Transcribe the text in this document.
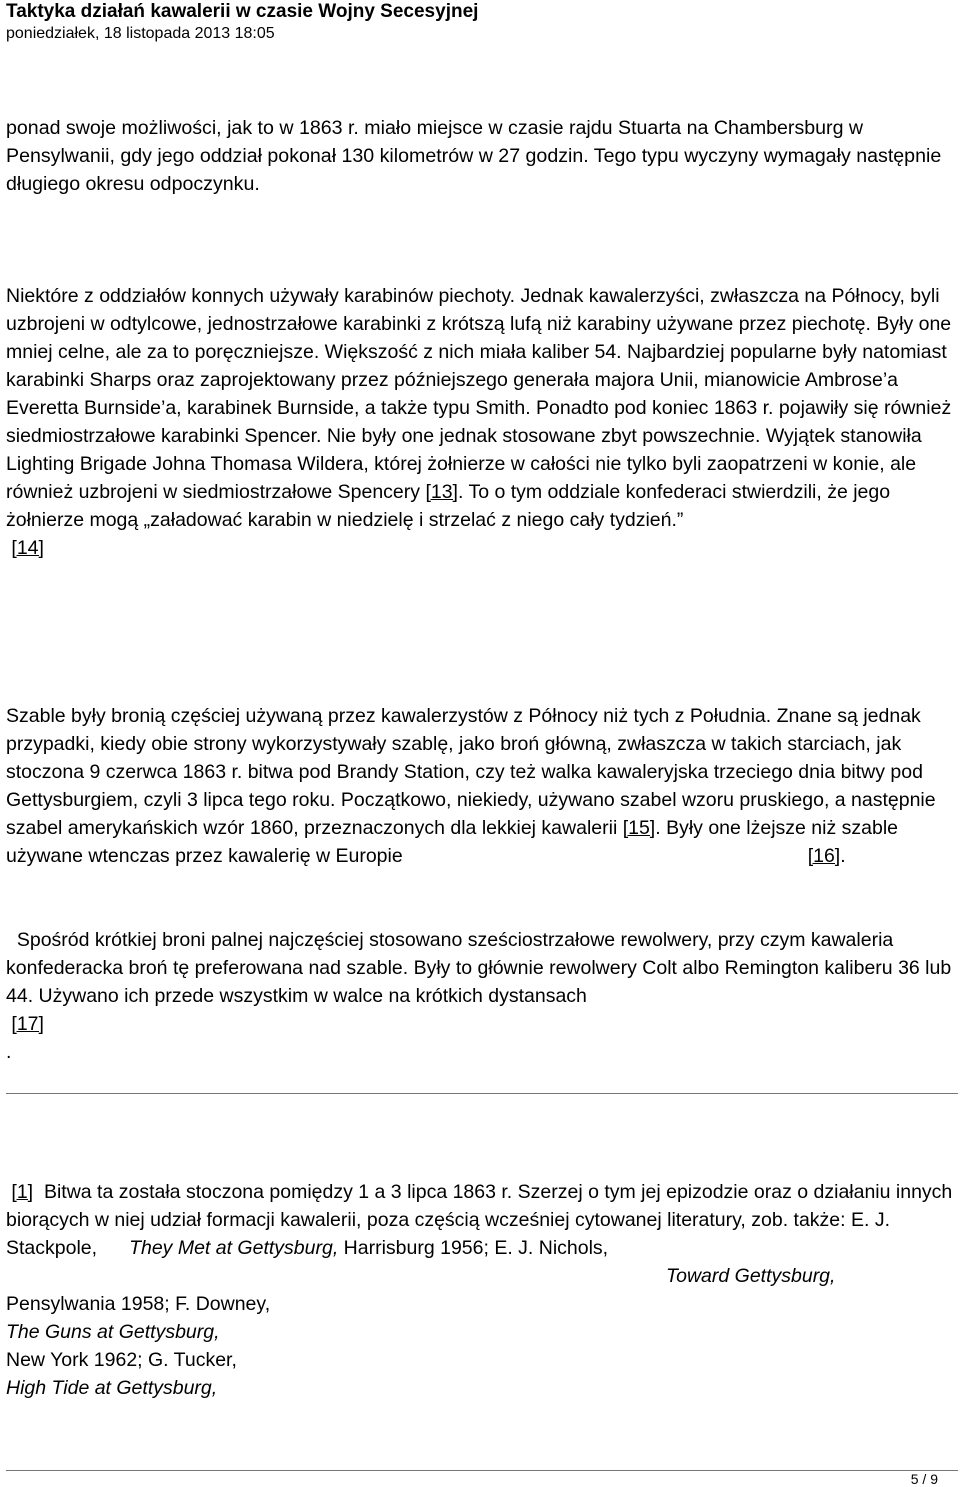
Taktyka działań kawalerii w czasie Wojny Secesyjnej
poniedziałek, 18 listopada 2013 18:05
ponad swoje możliwości, jak to w 1863 r. miało miejsce w czasie rajdu Stuarta na Chambersburg w Pensylwanii, gdy jego oddział pokonał 130 kilometrów w 27 godzin. Tego typu wyczyny wymagały następnie długiego okresu odpoczynku.
Niektóre z oddziałów konnych używały karabinów piechoty. Jednak kawalerzyści, zwłaszcza na Północy, byli uzbrojeni w odtylcowe, jednostrzałowe karabinki z krótszą lufą niż karabiny używane przez piechotę. Były one mniej celne, ale za to poręczniejsze. Większość z nich miała kaliber 54. Najbardziej popularne były natomiast karabinki Sharps oraz zaprojektowany przez późniejszego generała majora Unii, mianowicie Ambrose’a Everetta Burnside’a, karabinek Burnside, a także typu Smith. Ponadto pod koniec 1863 r. pojawiły się również siedmiostrzałowe karabinki Spencer. Nie były one jednak stosowane zbyt powszechnie. Wyjątek stanowiła Lighting Brigade Johna Thomasa Wildera, której żołnierze w całości nie tylko byli zaopatrzeni w konie, ale również uzbrojeni w siedmiostrzałowe Spencery [13]. To o tym oddziale konfederaci stwierdzili, że jego żołnierze mogą „załadować karabin w niedzielę i strzelać z niego cały tydzień.”
[14]
Szable były bronią częściej używaną przez kawalerzystów z Północy niż tych z Południa. Znane są jednak przypadki, kiedy obie strony wykorzystywały szablę, jako broń główną, zwłaszcza w takich starciach, jak stoczona 9 czerwca 1863 r. bitwa pod Brandy Station, czy też walka kawaleryjska trzeciego dnia bitwy pod Gettysburgiem, czyli 3 lipca tego roku. Początkowo, niekiedy, używano szabel wzoru pruskiego, a następnie szabel amerykańskich wzór 1860, przeznaczonych dla lekkiej kawalerii [15]. Były one lżejsze niż szable używane wtenczas przez kawalerię w Europie	[16].
Spośród krótkiej broni palnej najczęściej stosowano sześciostrzałowe rewolwery, przy czym kawaleria konfederacka broń tę preferowana nad szable. Były to głównie rewolwery Colt albo Remington kaliberu 36 lub 44. Używano ich przede wszystkim w walce na krótkich dystansach
[17]
.
[1] Bitwa ta została stoczona pomiędzy 1 a 3 lipca 1863 r. Szerzej o tym jej epizodzie oraz o działaniu innych biorących w niej udział formacji kawalerii, poza częścią wcześniej cytowanej literatury, zob. także: E. J. Stackpole, They Met at Gettysburg, Harrisburg 1956; E. J. Nichols,Toward Gettysburg,
Pensylwania 1958; F. Downey,
The Guns at Gettysburg,
New York 1962; G. Tucker,
High Tide at Gettysburg,
5 / 9
